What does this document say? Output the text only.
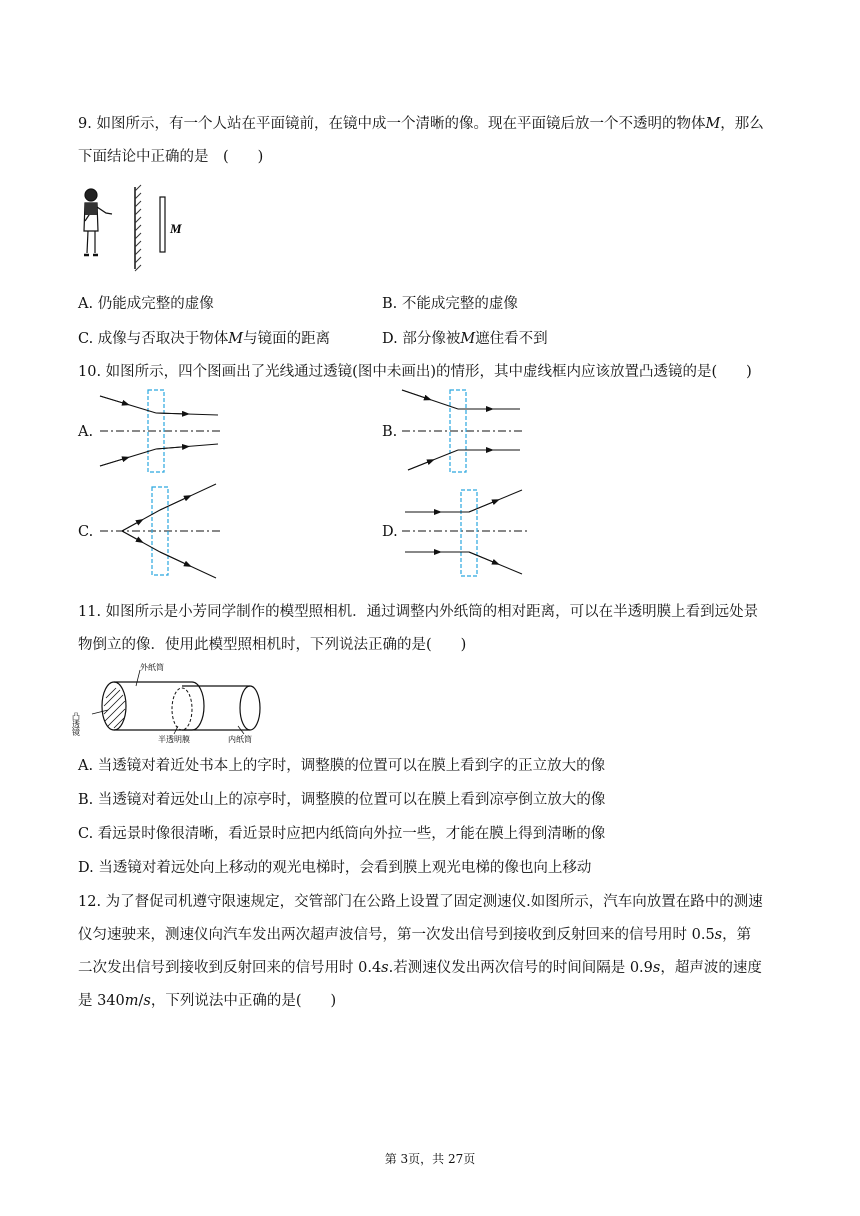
9. 如图所示，有一个人站在平面镜前，在镜中成一个清晰的像。现在平面镜后放一个不透明的物体𝑀，那么
下面结论中正确的是　(　　)
M
A. 仍能成完整的虚像	B. 不能成完整的虚像
C. 成像与否取决于物体𝑀与镜面的距离	D. 部分像被𝑀遮住看不到
10. 如图所示，四个图画出了光线通过透镜(图中未画出)的情形，其中虚线框内应该放置凸透镜的是(　　)
A.	B.
C.	D.
11. 如图所示是小芳同学制作的模型照相机．通过调整内外纸筒的相对距离，可以在半透明膜上看到远处景
物倒立的像．使用此模型照相机时，下列说法正确的是(　　)
外纸筒
凸透镜
半透明膜	内纸筒
A. 当透镜对着近处书本上的字时，调整膜的位置可以在膜上看到字的正立放大的像
B. 当透镜对着远处山上的凉亭时，调整膜的位置可以在膜上看到凉亭倒立放大的像
C. 看远景时像很清晰，看近景时应把内纸筒向外拉一些，才能在膜上得到清晰的像
D. 当透镜对着远处向上移动的观光电梯时，会看到膜上观光电梯的像也向上移动
12. 为了督促司机遵守限速规定，交管部门在公路上设置了固定测速仪.如图所示，汽车向放置在路中的测速
仪匀速驶来，测速仪向汽车发出两次超声波信号，第一次发出信号到接收到反射回来的信号用时 0.5𝑠，第
二次发出信号到接收到反射回来的信号用时 0.4𝑠.若测速仪发出两次信号的时间间隔是 0.9𝑠，超声波的速度
是 340𝑚/𝑠，下列说法中正确的是(　　)
第 3页，共 27页
